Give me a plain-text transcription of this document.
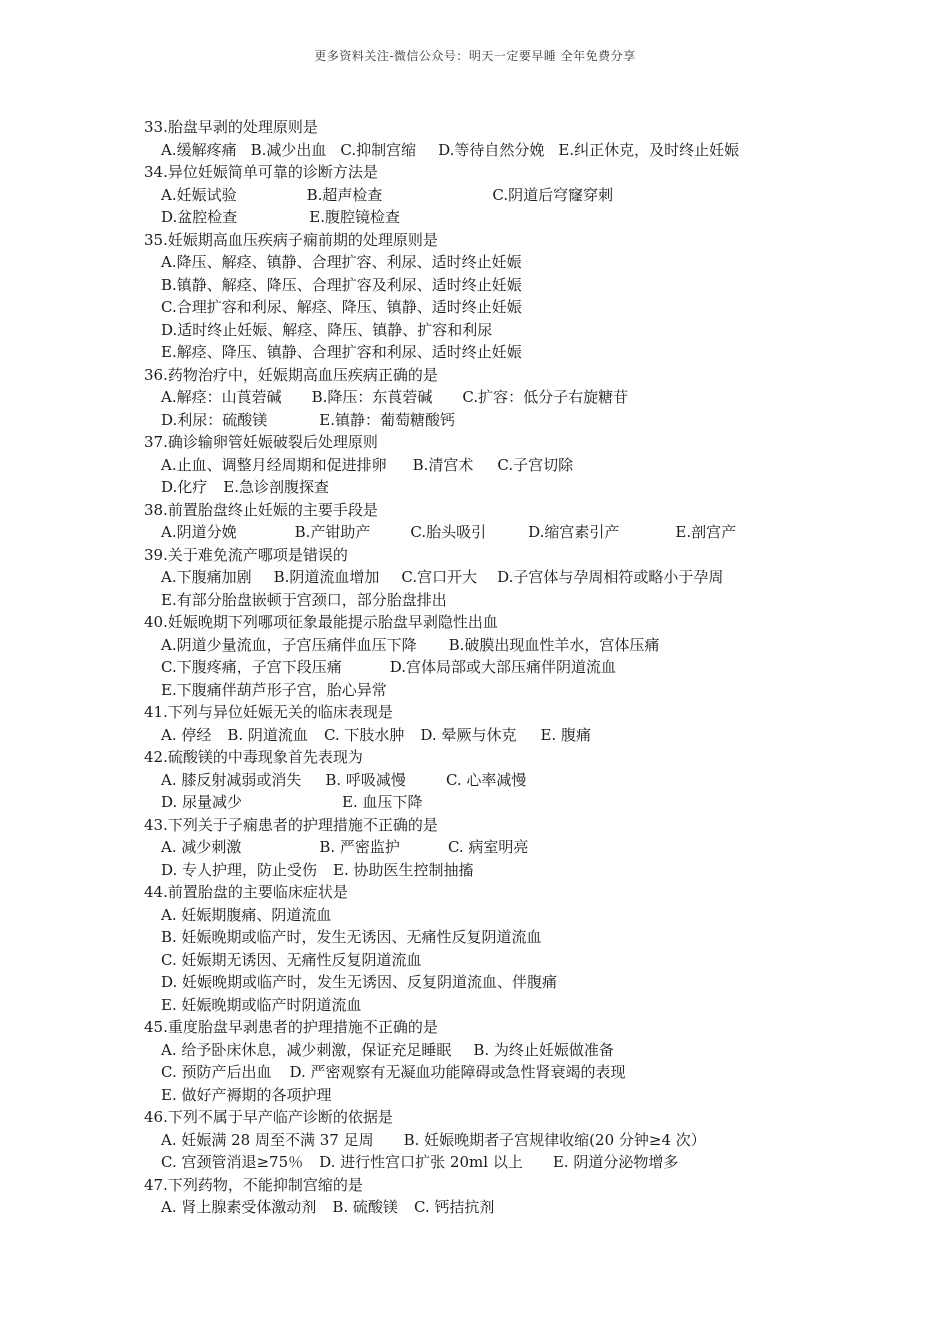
更多资料关注-微信公众号：明天一定要早睡 全年免费分享
33.胎盘早剥的处理原则是
A.缓解疼痛 B.减少出血 C.抑制宫缩 D.等待自然分娩 E.纠正休克，及时终止妊娠
34.异位妊娠简单可靠的诊断方法是
A.妊娠试验	B.超声检查	C.阴道后穹窿穿刺
D.盆腔检查	E.腹腔镜检查
35.妊娠期高血压疾病子痫前期的处理原则是
A.降压、解痉、镇静、合理扩容、利尿、适时终止妊娠
B.镇静、解痉、降压、合理扩容及利尿、适时终止妊娠
C.合理扩容和利尿、解痉、降压、镇静、适时终止妊娠
D.适时终止妊娠、解痉、降压、镇静、扩容和利尿
E.解痉、降压、镇静、合理扩容和利尿、适时终止妊娠
36.药物治疗中，妊娠期高血压疾病正确的是
A.解痉：山莨菪碱 B.降压：东莨菪碱 C.扩容：低分子右旋糖苷
D.利尿：硫酸镁	E.镇静：葡萄糖酸钙
37.确诊输卵管妊娠破裂后处理原则
A.止血、调整月经周期和促进排卵 B.清宫术 C.子宫切除
D.化疗 E.急诊剖腹探查
38.前置胎盘终止妊娠的主要手段是
A.阴道分娩	B.产钳助产	C.胎头吸引	D.缩宫素引产	E.剖宫产
39.关于难免流产哪项是错误的
A.下腹痛加剧 B.阴道流血增加 C.宫口开大 D.子宫体与孕周相符或略小于孕周
E.有部分胎盘嵌顿于宫颈口，部分胎盘排出
40.妊娠晚期下列哪项征象最能提示胎盘早剥隐性出血
A.阴道少量流血，子宫压痛伴血压下降 B.破膜出现血性羊水，宫体压痛
C.下腹疼痛，子宫下段压痛	D.宫体局部或大部压痛伴阴道流血
E.下腹痛伴葫芦形子宫，胎心异常
41.下列与异位妊娠无关的临床表现是
A. 停经 B. 阴道流血 C. 下肢水肿 D. 晕厥与休克 E. 腹痛
42.硫酸镁的中毒现象首先表现为
A. 膝反射减弱或消失 B. 呼吸减慢	C. 心率减慢
D. 尿量减少	E. 血压下降
43.下列关于子痫患者的护理措施不正确的是
A. 减少刺激	B. 严密监护	C. 病室明亮
D. 专人护理，防止受伤 E. 协助医生控制抽搐
44.前置胎盘的主要临床症状是
A. 妊娠期腹痛、阴道流血
B. 妊娠晚期或临产时，发生无诱因、无痛性反复阴道流血
C. 妊娠期无诱因、无痛性反复阴道流血
D. 妊娠晚期或临产时，发生无诱因、反复阴道流血、伴腹痛
E. 妊娠晚期或临产时阴道流血
45.重度胎盘早剥患者的护理措施不正确的是
A. 给予卧床休息，减少刺激，保证充足睡眠 B. 为终止妊娠做准备
C. 预防产后出血 D. 严密观察有无凝血功能障碍或急性肾衰竭的表现
E. 做好产褥期的各项护理
46.下列不属于早产临产诊断的依据是
A. 妊娠满 28 周至不满 37 足周 B. 妊娠晚期者子宫规律收缩(20 分钟≥4 次）
C. 宫颈管消退≥75％ D. 进行性宫口扩张 20ml 以上 E. 阴道分泌物增多
47.下列药物，不能抑制宫缩的是
A. 肾上腺素受体激动剂 B. 硫酸镁 C. 钙拮抗剂
